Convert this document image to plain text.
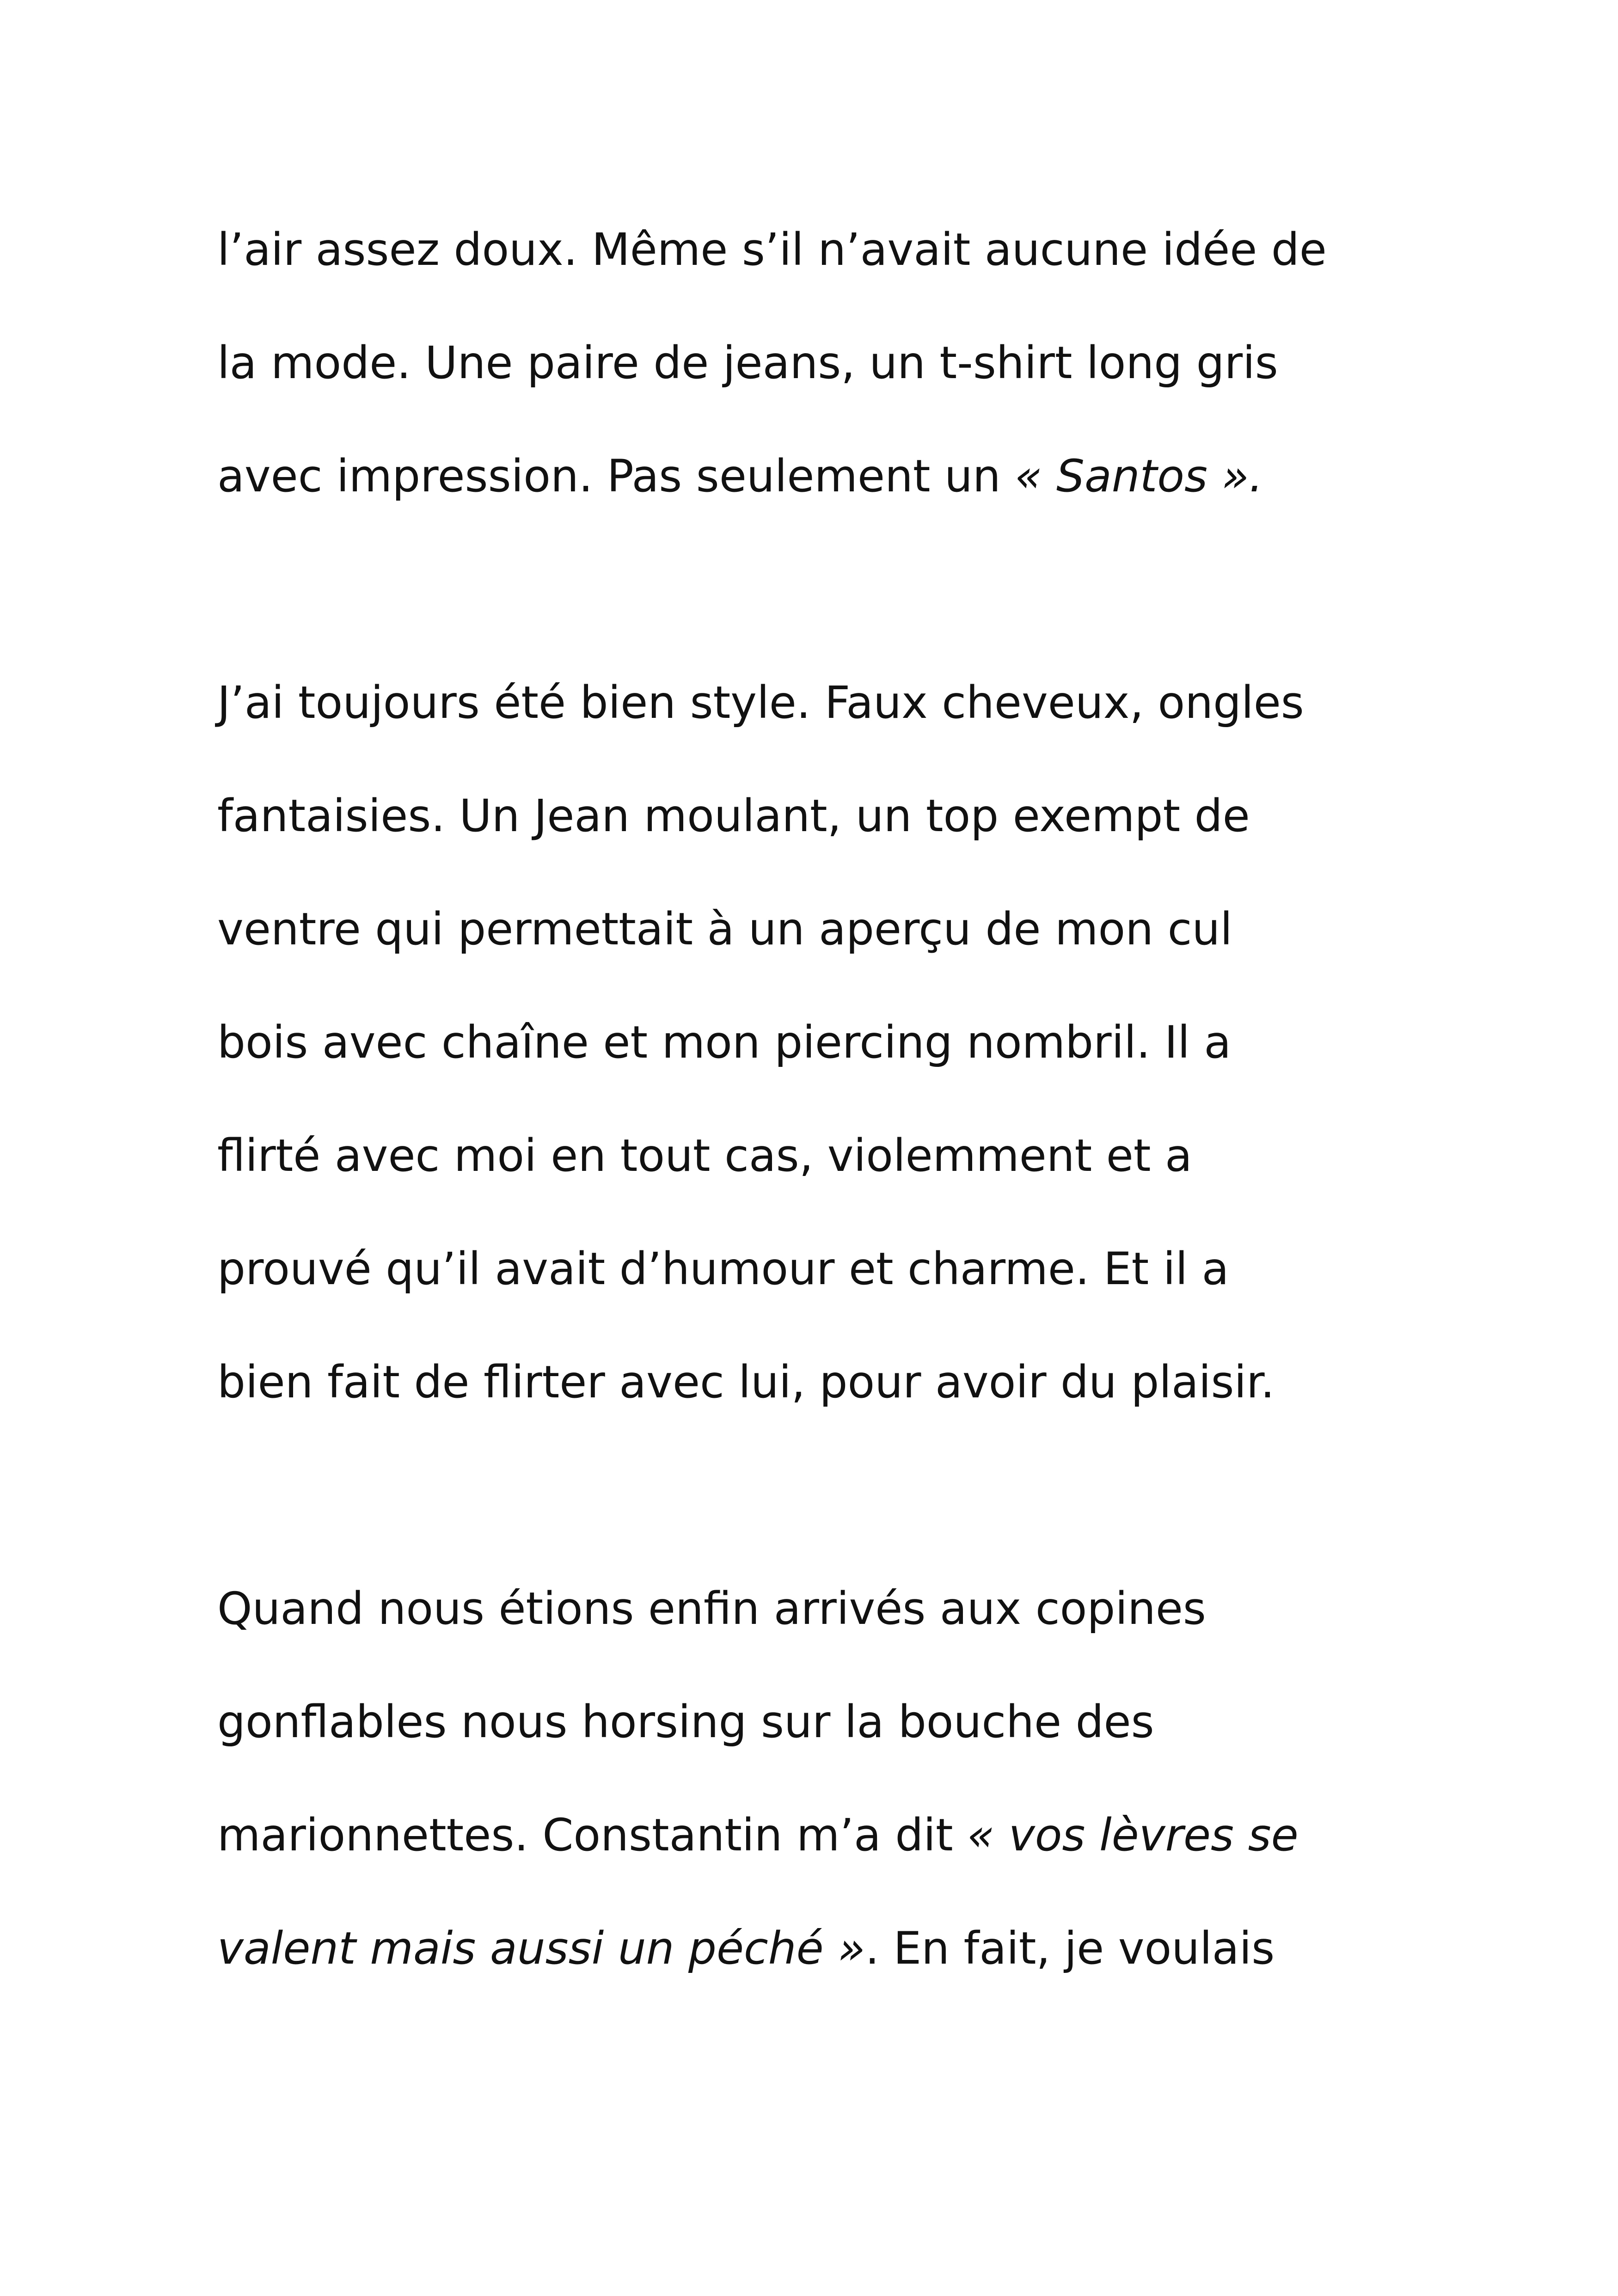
l’air assez doux. Même s’il n’avait aucune idée de
la mode. Une paire de jeans, un t-shirt long gris
avec impression. Pas seulement un « Santos ».

J’ai toujours été bien style. Faux cheveux, ongles
fantaisies. Un Jean moulant, un top exempt de
ventre qui permettait à un aperçu de mon cul
bois avec chaîne et mon piercing nombril. Il a
flirté avec moi en tout cas, violemment et a
prouvé qu’il avait d’humour et charme. Et il a
bien fait de flirter avec lui, pour avoir du plaisir.

Quand nous étions enfin arrivés aux copines
gonflables nous horsing sur la bouche des
marionnettes. Constantin m’a dit « vos lèvres se
valent mais aussi un péché ». En fait, je voulais
